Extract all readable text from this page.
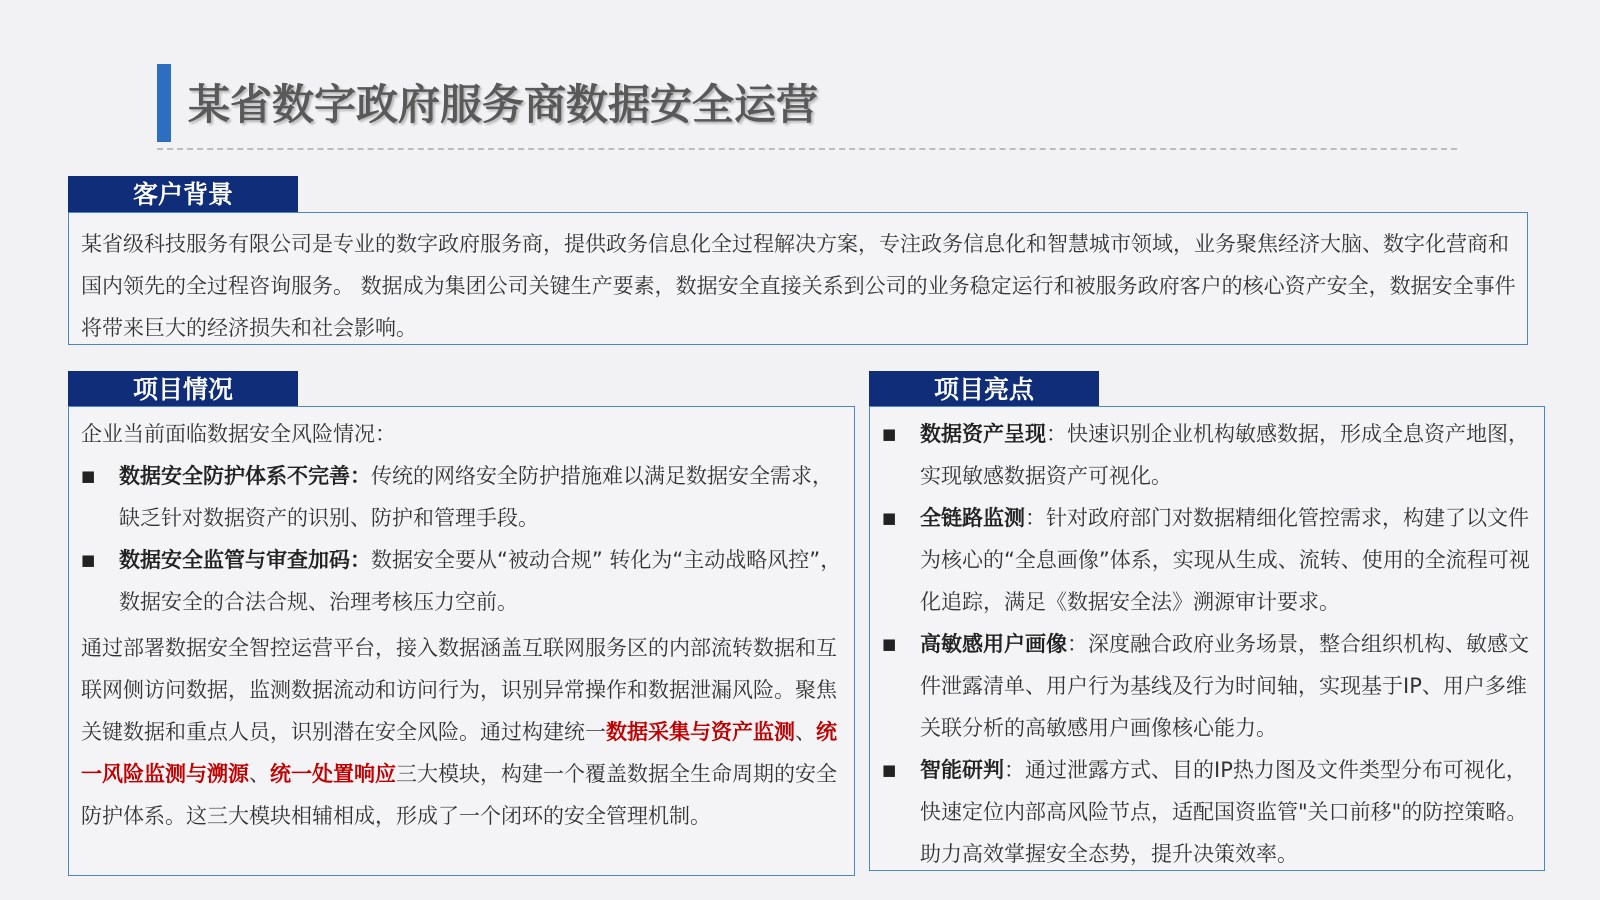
某省数字政府服务商数据安全运营
客户背景
某省级科技服务有限公司是专业的数字政府服务商，提供政务信息化全过程解决方案，专注政务信息化和智慧城市领域，业务聚焦经济大脑、数字化营商和国内领先的全过程咨询服务。 数据成为集团公司关键生产要素，数据安全直接关系到公司的业务稳定运行和被服务政府客户的核心资产安全，数据安全事件将带来巨大的经济损失和社会影响。
项目情况
企业当前面临数据安全风险情况：
■	数据安全防护体系不完善：传统的网络安全防护措施难以满足数据安全需求，缺乏针对数据资产的识别、防护和管理手段。
■	数据安全监管与审查加码：数据安全要从“被动合规” 转化为“主动战略风控”，数据安全的合法合规、治理考核压力空前。
通过部署数据安全智控运营平台，接入数据涵盖互联网服务区的内部流转数据和互联网侧访问数据，监测数据流动和访问行为，识别异常操作和数据泄漏风险。聚焦关键数据和重点人员，识别潜在安全风险。通过构建统一数据采集与资产监测、统一风险监测与溯源、统一处置响应三大模块，构建一个覆盖数据全生命周期的安全防护体系。这三大模块相辅相成，形成了一个闭环的安全管理机制。
项目亮点
■	数据资产呈现：快速识别企业机构敏感数据，形成全息资产地图，实现敏感数据资产可视化。
■	全链路监测：针对政府部门对数据精细化管控需求，构建了以文件为核心的“全息画像”体系，实现从生成、流转、使用的全流程可视化追踪，满足《数据安全法》溯源审计要求。
■	高敏感用户画像：深度融合政府业务场景，整合组织机构、敏感文件泄露清单、用户行为基线及行为时间轴，实现基于IP、用户多维关联分析的高敏感用户画像核心能力。
■	智能研判：通过泄露方式、目的IP热力图及文件类型分布可视化，快速定位内部高风险节点，适配国资监管"关口前移"的防控策略。助力高效掌握安全态势，提升决策效率。
